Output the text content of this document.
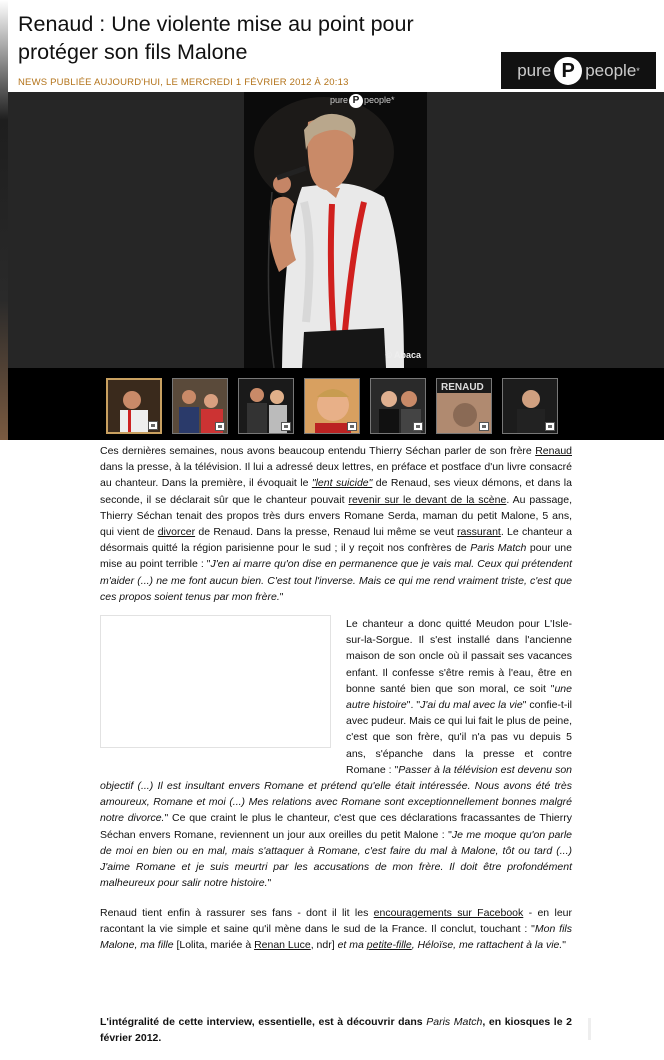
Renaud : Une violente mise au point pour protéger son fils Malone
NEWS PUBLIÉE AUJOURD'HUI, LE MERCREDI 1 FÉVRIER 2012 À 20:13
pure P people *
pure P people*
© Abaca
RENAUD

Ces dernières semaines, nous avons beaucoup entendu Thierry Séchan parler de son frère Renaud dans la presse, à la télévision. Il lui a adressé deux lettres, en préface et postface d'un livre consacré au chanteur. Dans la première, il évoquait le "lent suicide" de Renaud, ses vieux démons, et dans la seconde, il se déclarait sûr que le chanteur pouvait revenir sur le devant de la scène. Au passage, Thierry Séchan tenait des propos très durs envers Romane Serda, maman du petit Malone, 5 ans, qui vient de divorcer de Renaud. Dans la presse, Renaud lui même se veut rassurant. Le chanteur a désormais quitté la région parisienne pour le sud ; il y reçoit nos confrères de Paris Match pour une mise au point terrible : "J'en ai marre qu'on dise en permanence que je vais mal. Ceux qui prétendent m'aider (...) ne me font aucun bien. C'est tout l'inverse. Mais ce qui me rend vraiment triste, c'est que ces propos soient tenus par mon frère."

Le chanteur a donc quitté Meudon pour L'Isle-sur-la-Sorgue. Il s'est installé dans l'ancienne maison de son oncle où il passait ses vacances enfant. Il confesse s'être remis à l'eau, être en bonne santé bien que son moral, ce soit "une autre histoire". "J'ai du mal avec la vie" confie-t-il avec pudeur. Mais ce qui lui fait le plus de peine, c'est que son frère, qu'il n'a pas vu depuis 5 ans, s'épanche dans la presse et contre Romane : "Passer à la télévision est devenu son objectif (...) Il est insultant envers Romane et prétend qu'elle était intéressée. Nous avons été très amoureux, Romane et moi (...) Mes relations avec Romane sont exceptionnellement bonnes malgré notre divorce." Ce que craint le plus le chanteur, c'est que ces déclarations fracassantes de Thierry Séchan envers Romane, reviennent un jour aux oreilles du petit Malone : "Je me moque qu'on parle de moi en bien ou en mal, mais s'attaquer à Romane, c'est faire du mal à Malone, tôt ou tard (...) J'aime Romane et je suis meurtri par les accusations de mon frère. Il doit être profondément malheureux pour salir notre histoire."

Renaud tient enfin à rassurer ses fans - dont il lit les encouragements sur Facebook - en leur racontant la vie simple et saine qu'il mène dans le sud de la France. Il conclut, touchant : "Mon fils Malone, ma fille [Lolita, mariée à Renan Luce, ndr] et ma petite-fille, Héloïse, me rattachent à la vie."

L'intégralité de cette interview, essentielle, est à découvrir dans Paris Match, en kiosques le 2 février 2012.
